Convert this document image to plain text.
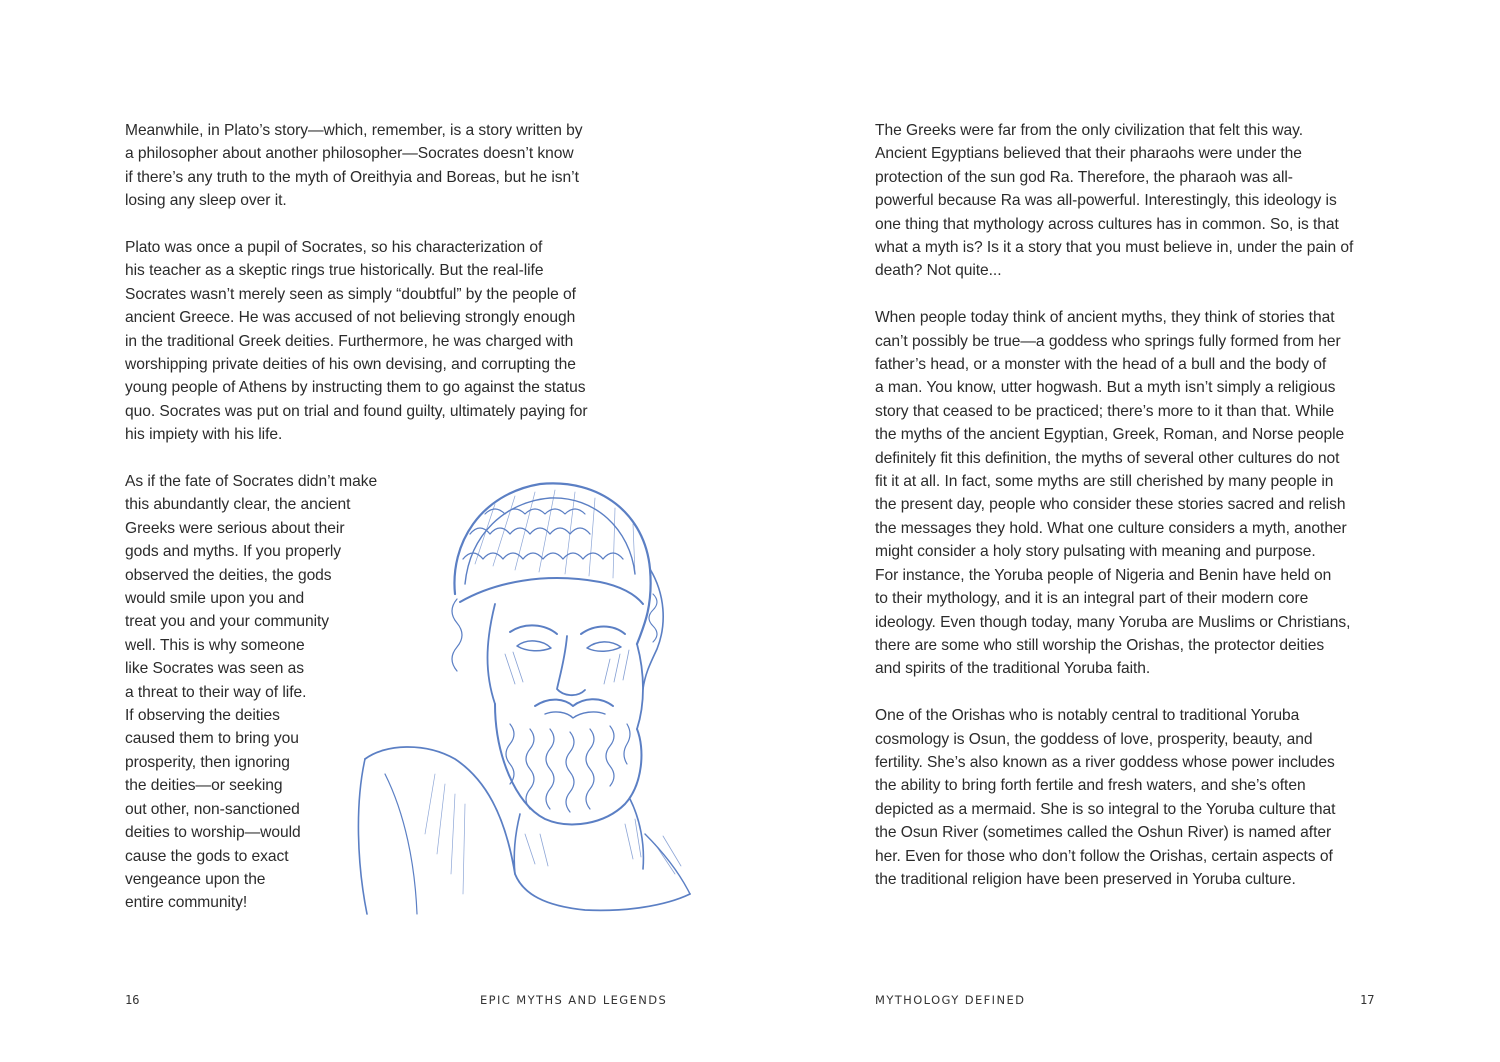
Meanwhile, in Plato’s story—which, remember, is a story written by

a philosopher about another philosopher—Socrates doesn’t know

if there’s any truth to the myth of Oreithyia and Boreas, but he isn’t

losing any sleep over it.

Plato was once a pupil of Socrates, so his characterization of

his teacher as a skeptic rings true historically. But the real-life

Socrates wasn’t merely seen as simply “doubtful” by the people of

ancient Greece. He was accused of not believing strongly enough

in the traditional Greek deities. Furthermore, he was charged with

worshipping private deities of his own devising, and corrupting the

young people of Athens by instructing them to go against the status

quo. Socrates was put on trial and found guilty, ultimately paying for

his impiety with his life.

As if the fate of Socrates didn’t make

this abundantly clear, the ancient

Greeks were serious about their

gods and myths. If you properly

observed the deities, the gods

would smile upon you and

treat you and your community

well. This is why someone

like Socrates was seen as

a threat to their way of life.

If observing the deities

caused them to bring you

prosperity, then ignoring

the deities—or seeking

out other, non-sanctioned

deities to worship—would

cause the gods to exact

vengeance upon the

entire community!

16	EPIC MYTHS AND LEGENDS

The Greeks were far from the only civilization that felt this way.

Ancient Egyptians believed that their pharaohs were under the

protection of the sun god Ra. Therefore, the pharaoh was all-

powerful because Ra was all-powerful. Interestingly, this ideology is

one thing that mythology across cultures has in common. So, is that

what a myth is? Is it a story that you must believe in, under the pain of

death? Not quite...

When people today think of ancient myths, they think of stories that

can’t possibly be true—a goddess who springs fully formed from her

father’s head, or a monster with the head of a bull and the body of

a man. You know, utter hogwash. But a myth isn’t simply a religious

story that ceased to be practiced; there’s more to it than that. While

the myths of the ancient Egyptian, Greek, Roman, and Norse people

definitely fit this definition, the myths of several other cultures do not

fit it at all. In fact, some myths are still cherished by many people in

the present day, people who consider these stories sacred and relish

the messages they hold. What one culture considers a myth, another

might consider a holy story pulsating with meaning and purpose.

For instance, the Yoruba people of Nigeria and Benin have held on

to their mythology, and it is an integral part of their modern core

ideology. Even though today, many Yoruba are Muslims or Christians,

there are some who still worship the Orishas, the protector deities

and spirits of the traditional Yoruba faith.

One of the Orishas who is notably central to traditional Yoruba

cosmology is Osun, the goddess of love, prosperity, beauty, and

fertility. She’s also known as a river goddess whose power includes

the ability to bring forth fertile and fresh waters, and she’s often

depicted as a mermaid. She is so integral to the Yoruba culture that

the Osun River (sometimes called the Oshun River) is named after

her. Even for those who don’t follow the Orishas, certain aspects of

the traditional religion have been preserved in Yoruba culture.

MYTHOLOGY DEFINED	17
